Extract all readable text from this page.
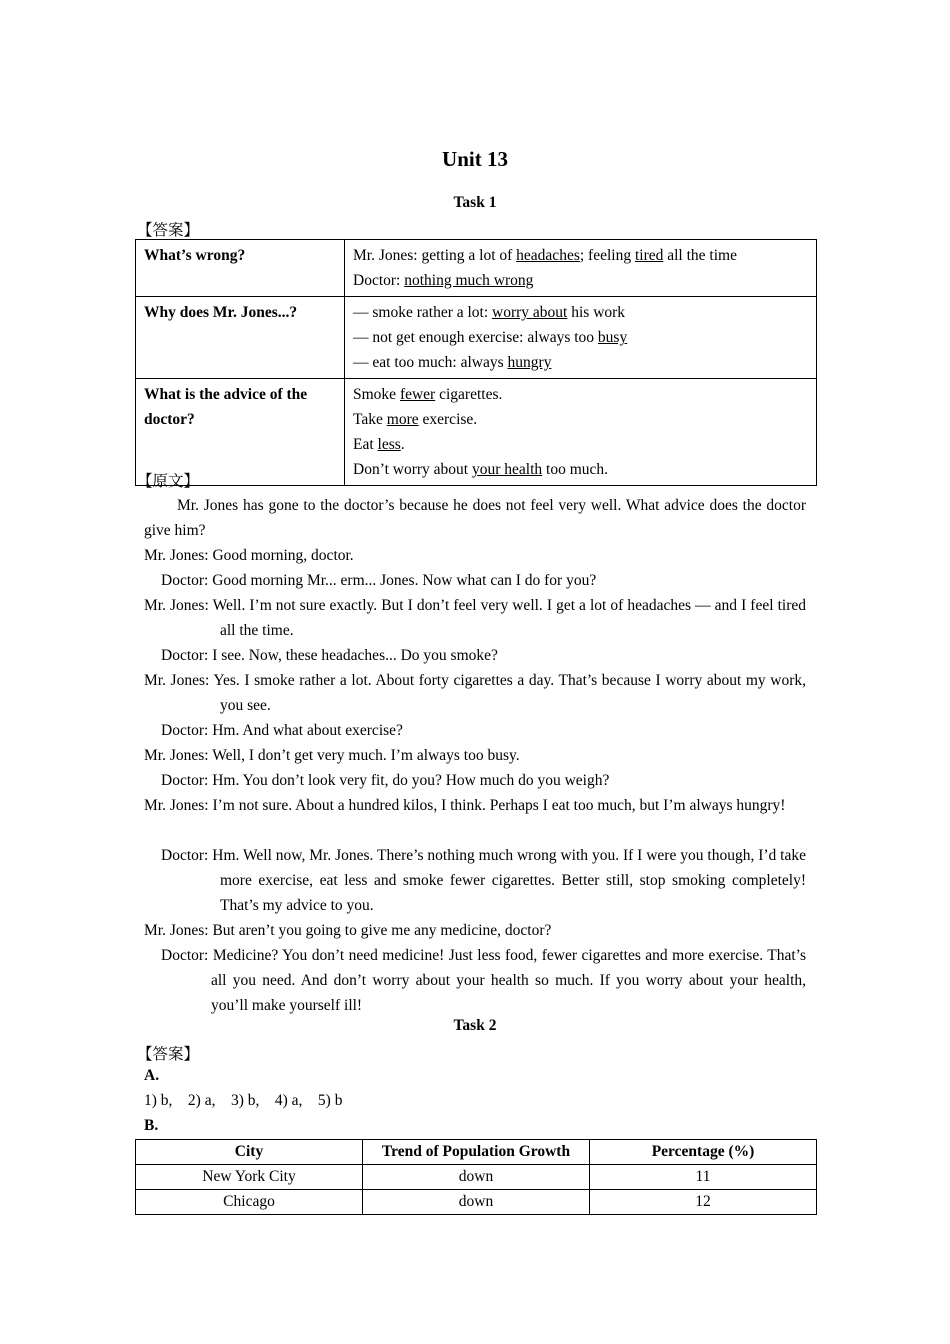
Unit 13
Task 1
【答案】
What’s wrong?	Mr. Jones: getting a lot of headaches; feeling tired all the time
Doctor: nothing much wrong

Why does Mr. Jones...?	— smoke rather a lot: worry about his work
— not get enough exercise: always too busy
— eat too much: always hungry

What is the advice of the doctor?	Smoke fewer cigarettes.
Take more exercise.
Eat less.
Don’t worry about your health too much.
【原文】
Mr. Jones has gone to the doctor’s because he does not feel very well. What advice does the doctor give him?
Mr. Jones: Good morning, doctor.
Doctor: Good morning Mr... erm... Jones. Now what can I do for you?
Mr. Jones: Well. I’m not sure exactly. But I don’t feel very well. I get a lot of headaches — and I feel tired all the time.
Doctor: I see. Now, these headaches... Do you smoke?
Mr. Jones: Yes. I smoke rather a lot. About forty cigarettes a day. That’s because I worry about my work, you see.
Doctor: Hm. And what about exercise?
Mr. Jones: Well, I don’t get very much. I’m always too busy.
Doctor: Hm. You don’t look very fit, do you? How much do you weigh?
Mr. Jones: I’m not sure. About a hundred kilos, I think. Perhaps I eat too much, but I’m always hungry!
Doctor: Hm. Well now, Mr. Jones. There’s nothing much wrong with you. If I were you though, I’d take more exercise, eat less and smoke fewer cigarettes. Better still, stop smoking completely! That’s my advice to you.
Mr. Jones: But aren’t you going to give me any medicine, doctor?
Doctor: Medicine? You don’t need medicine! Just less food, fewer cigarettes and more exercise. That’s all you need. And don’t worry about your health so much. If you worry about your health, you’ll make yourself ill!
Task 2
【答案】
A.
1) b,    2) a,    3) b,    4) a,    5) b
B.
City	Trend of Population Growth	Percentage (%)
New York City	down	11
Chicago	down	12
